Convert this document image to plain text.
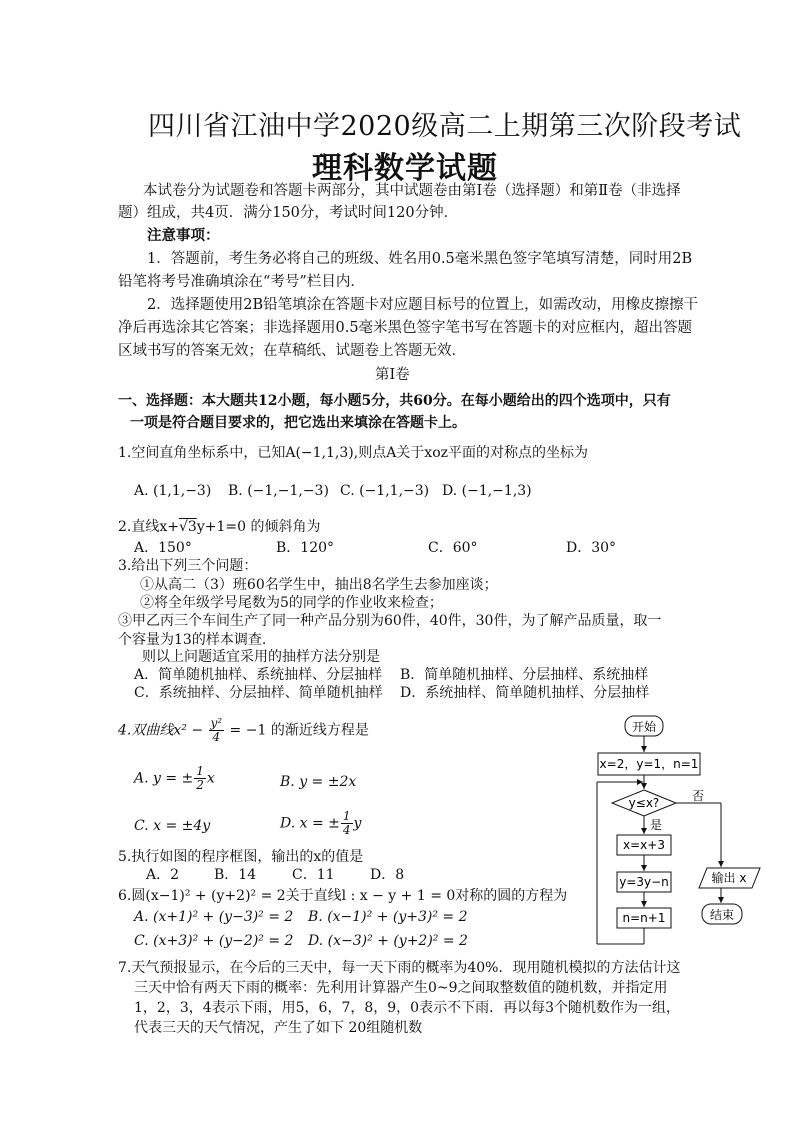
四川省江油中学2020级高二上期第三次阶段考试
理科数学试题
本试卷分为试题卷和答题卡两部分，其中试题卷由第Ⅰ卷（选择题）和第Ⅱ卷（非选择
题）组成，共4页．满分150分，考试时间120分钟．
注意事项：
1．答题前，考生务必将自己的班级、姓名用0.5毫米黑色签字笔填写清楚，同时用2B
铅笔将考号准确填涂在“考号”栏目内．
2．选择题使用2B铅笔填涂在答题卡对应题目标号的位置上，如需改动，用橡皮擦擦干
净后再选涂其它答案；非选择题用0.5毫米黑色签字笔书写在答题卡的对应框内，超出答题
区域书写的答案无效；在草稿纸、试题卷上答题无效．
第Ⅰ卷
一、选择题：本大题共12小题，每小题5分，共60分。在每小题给出的四个选项中，只有
一项是符合题目要求的，把它选出来填涂在答题卡上。
1.空间直角坐标系中，已知A(−1,1,3),则点A关于xoz平面的对称点的坐标为
A. (1,1,−3) B. (−1,−1,−3) C. (−1,1,−3) D. (−1,−1,3)
2.直线x+√3y+1=0 的倾斜角为
A．150°	B．120°	C．60°	D．30°
3.给出下列三个问题：
①从高二（3）班60名学生中，抽出8名学生去参加座谈；
②将全年级学号尾数为5的同学的作业收来检查；
③甲乙丙三个车间生产了同一种产品分别为60件，40件，30件，为了解产品质量，取一
个容量为13的样本调查.
则以上问题适宜采用的抽样方法分别是
A．简单随机抽样、系统抽样、分层抽样 B．简单随机抽样、分层抽样、系统抽样
C．系统抽样、分层抽样、简单随机抽样 D．系统抽样、简单随机抽样、分层抽样
4.双曲线$x^2 - \frac{\text{y²}}{4} = -1$ 的渐近线方程是
A. y = ± $\frac{1}{2}$ x	B. y = ±2x
C. x = ±4y	D. x = ± $\frac{1}{4}$ y
5.执行如图的程序框图，输出的x的值是
A．2 B．14	C．11	D．8
6.圆(x−1)² + (y+2)² = 2关于直线l : x − y + 1 = 0对称的圆的方程为
A. (x+1)² + (y−3)² = 2 B. (x−1)² + (y+3)² = 2
C. (x+3)² + (y−2)² = 2 D. (x−3)² + (y+2)² = 2
7.天气预报显示，在今后的三天中，每一天下雨的概率为40%．现用随机模拟的方法估计这
三天中恰有两天下雨的概率：先利用计算器产生0~9之间取整数值的随机数，并指定用
1，2，3，4表示下雨，用5，6，7，8，9，0表示不下雨．再以每3个随机数作为一组，
代表三天的天气情况，产生了如下 20组随机数
开始
x=2，y=1，n=1
y≤x?	否
是
x=x+3
y=3y−n
n=n+1
输出 x
结束
